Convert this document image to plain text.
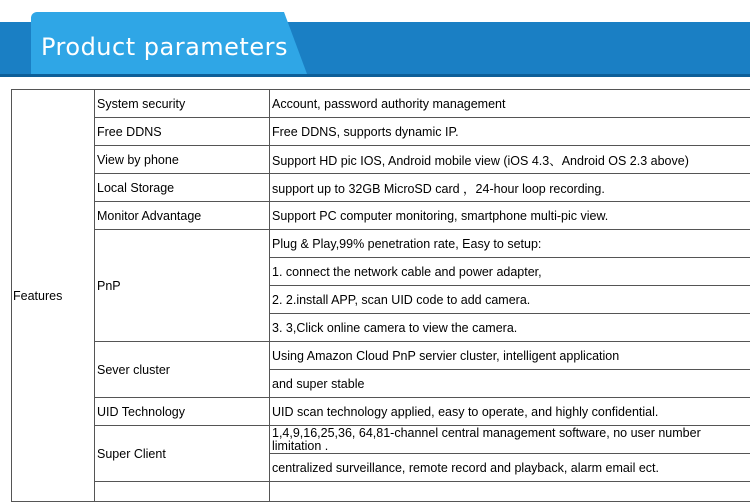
Product parameters
Features	System security	Account, password authority management
	Free DDNS	Free DDNS, supports dynamic IP.
	View by phone	Support HD pic IOS, Android mobile view (iOS 4.3、Android OS 2.3 above)
	Local Storage	support up to 32GB MicroSD card ，24-hour loop recording.
	Monitor Advantage	Support PC computer monitoring, smartphone multi-pic view.
	PnP	Plug & Play,99% penetration rate, Easy to setup:
		1. connect the network cable and power adapter,
		2. 2.install APP, scan UID code to add camera.
		3. 3,Click online camera to view the camera.
	Sever cluster	Using Amazon Cloud PnP servier cluster, intelligent application
		and super stable
	UID Technology	UID scan technology applied, easy to operate, and highly confidential.
	Super Client	1,4,9,16,25,36, 64,81-channel central management software, no user number limitation .
		centralized surveillance, remote record and playback, alarm email ect.
